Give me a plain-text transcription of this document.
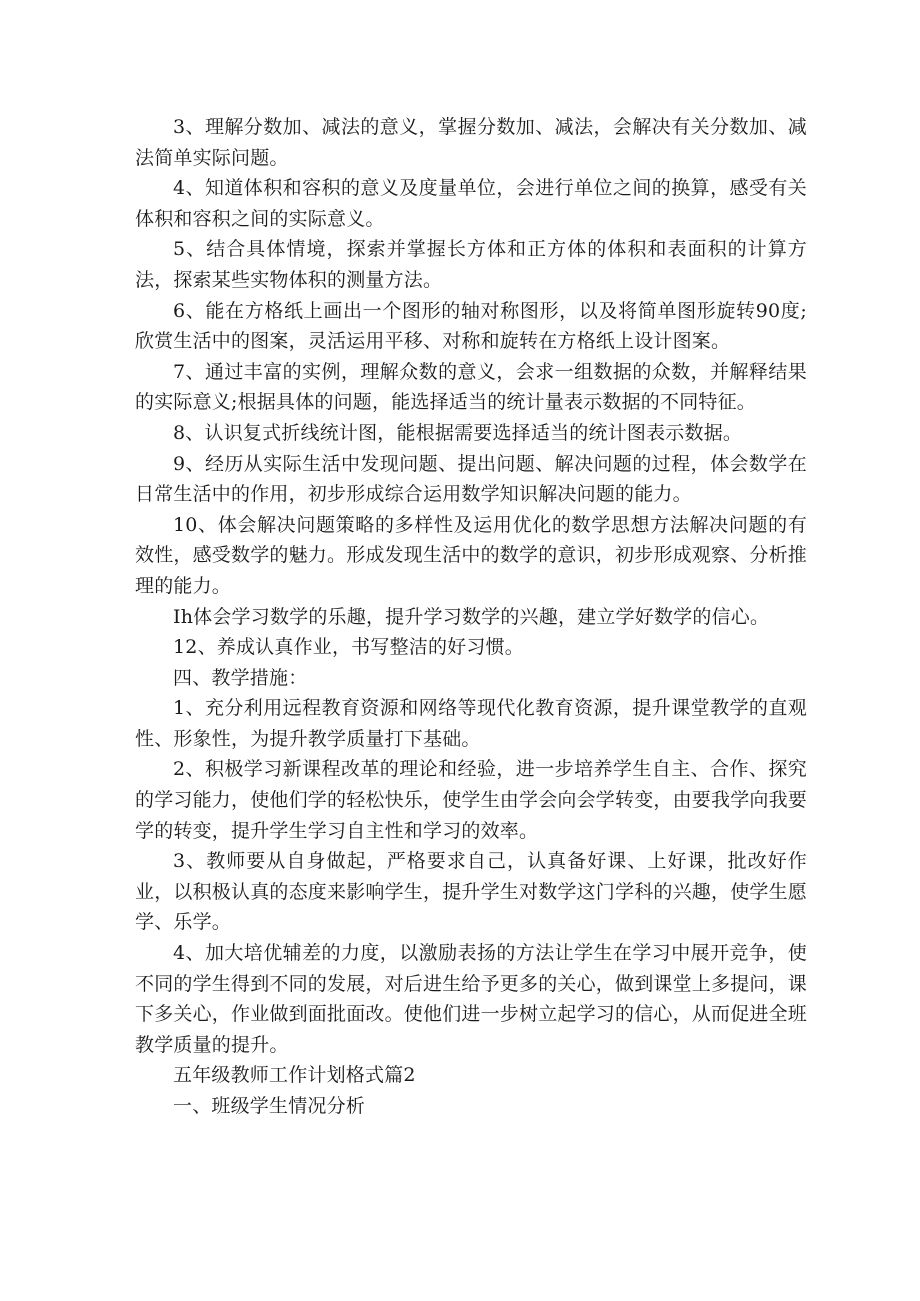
3、理解分数加、减法的意义，掌握分数加、减法，会解决有关分数加、减法简单实际问题。

4、知道体积和容积的意义及度量单位，会进行单位之间的换算，感受有关体积和容积之间的实际意义。

5、结合具体情境，探索并掌握长方体和正方体的体积和表面积的计算方法，探索某些实物体积的测量方法。

6、能在方格纸上画出一个图形的轴对称图形，以及将简单图形旋转90度;欣赏生活中的图案，灵活运用平移、对称和旋转在方格纸上设计图案。

7、通过丰富的实例，理解众数的意义，会求一组数据的众数，并解释结果的实际意义;根据具体的问题，能选择适当的统计量表示数据的不同特征。

8、认识复式折线统计图，能根据需要选择适当的统计图表示数据。

9、经历从实际生活中发现问题、提出问题、解决问题的过程，体会数学在日常生活中的作用，初步形成综合运用数学知识解决问题的能力。

10、体会解决问题策略的多样性及运用优化的数学思想方法解决问题的有效性，感受数学的魅力。形成发现生活中的数学的意识，初步形成观察、分析推理的能力。

Ih体会学习数学的乐趣，提升学习数学的兴趣，建立学好数学的信心。

12、养成认真作业，书写整洁的好习惯。

四、教学措施：

1、充分利用远程教育资源和网络等现代化教育资源，提升课堂教学的直观性、形象性，为提升教学质量打下基础。

2、积极学习新课程改革的理论和经验，进一步培养学生自主、合作、探究的学习能力，使他们学的轻松快乐，使学生由学会向会学转变，由要我学向我要学的转变，提升学生学习自主性和学习的效率。

3、教师要从自身做起，严格要求自己，认真备好课、上好课，批改好作业，以积极认真的态度来影响学生，提升学生对数学这门学科的兴趣，使学生愿学、乐学。

4、加大培优辅差的力度，以激励表扬的方法让学生在学习中展开竞争，使不同的学生得到不同的发展，对后进生给予更多的关心，做到课堂上多提问，课下多关心，作业做到面批面改。使他们进一步树立起学习的信心，从而促进全班教学质量的提升。

五年级教师工作计划格式篇2

一、班级学生情况分析
